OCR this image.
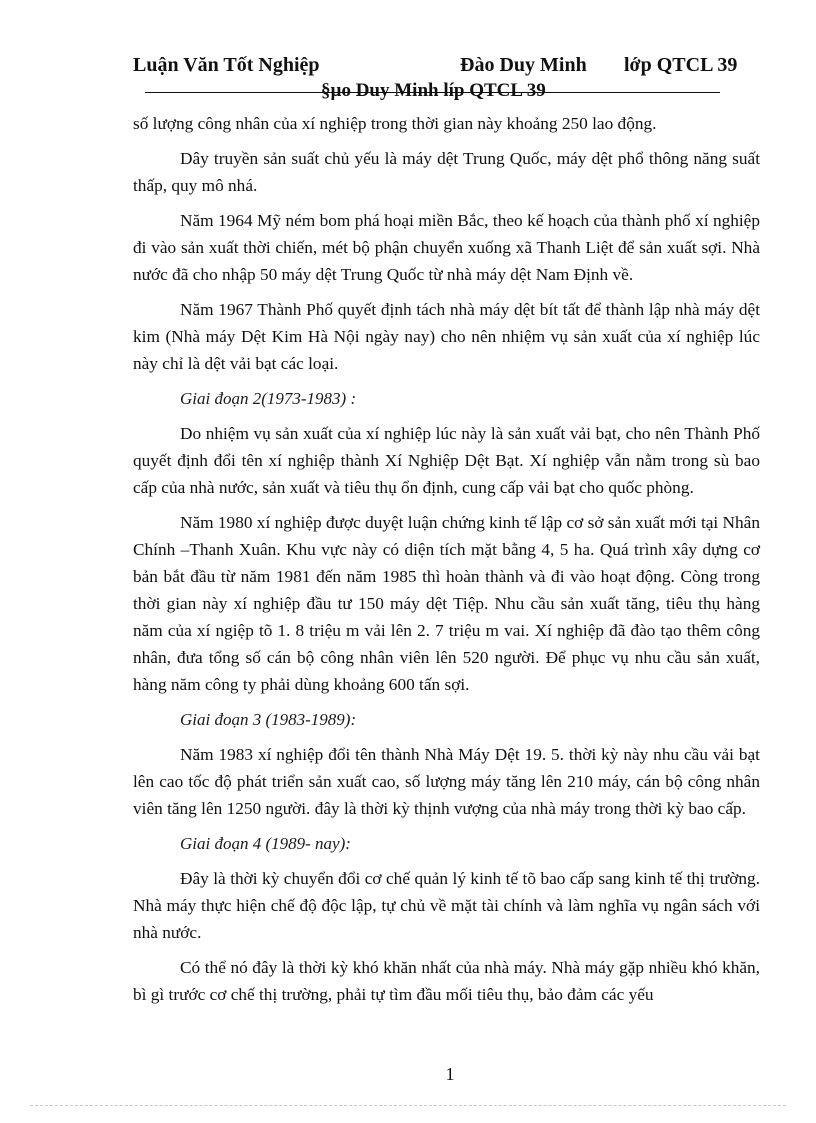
Luận Văn Tốt Nghiệp	Đào Duy Minh lớp QTCL 39
§µo Duy Minh líp QTCL 39

số lượng công nhân của xí nghiệp trong thời gian này khoảng 250 lao động.

Dây truyền sản suất chủ yếu là máy dệt Trung Quốc, máy dệt phổ thông năng suất thấp, quy mô nhá.

Năm 1964 Mỹ ném bom phá hoại miền Bắc, theo kế hoạch của thành phố xí nghiệp đi vào sản xuất thời chiến, mét bộ phận chuyển xuống xã Thanh Liệt để sản xuất sợi. Nhà nước đã cho nhập 50 máy dệt Trung Quốc từ nhà máy dệt Nam Định về.

Năm 1967 Thành Phố quyết định tách nhà máy dệt bít tất để thành lập nhà máy dệt kim (Nhà máy Dệt Kim Hà Nội ngày nay) cho nên nhiệm vụ sản xuất của xí nghiệp lúc này chỉ là dệt vải bạt các loại.

Giai đoạn 2(1973-1983) :

Do nhiệm vụ sản xuất của xí nghiệp lúc này là sản xuất vải bạt, cho nên Thành Phố quyết định đổi tên xí nghiệp thành Xí Nghiệp Dệt Bạt. Xí nghiệp vẫn nằm trong sù bao cấp của nhà nước, sản xuất và tiêu thụ ổn định, cung cấp vải bạt cho quốc phòng.

Năm 1980 xí nghiệp được duyệt luận chứng kinh tế lập cơ sở sản xuất mới tại Nhân Chính –Thanh Xuân. Khu vực này có diện tích mặt bằng 4, 5 ha. Quá trình xây dựng cơ bản bắt đầu từ năm 1981 đến năm 1985 thì hoàn thành và đi vào hoạt động. Còng trong thời gian này xí nghiệp đầu tư 150 máy dệt Tiệp. Nhu cầu sản xuất tăng, tiêu thụ hàng năm của xí ngiệp tõ 1. 8 triệu m vải lên 2. 7 triệu m vai. Xí nghiệp đã đào tạo thêm công nhân, đưa tổng số cán bộ công nhân viên lên 520 người. Để phục vụ nhu cầu sản xuất, hàng năm công ty phải dùng khoảng 600 tấn sợi.

Giai đoạn 3 (1983-1989):

Năm 1983 xí nghiệp đổi tên thành Nhà Máy Dệt 19. 5. thời kỳ này nhu cầu vải bạt lên cao tốc độ phát triển sản xuất cao, số lượng máy tăng lên 210 máy, cán bộ công nhân viên tăng lên 1250 người. đây là thời kỳ thịnh vượng của nhà máy trong thời kỳ bao cấp.

Giai đoạn 4 (1989- nay):

Đây là thời kỳ chuyển đổi cơ chế quản lý kinh tế tõ bao cấp sang kinh tế thị trường. Nhà máy thực hiện chế độ độc lập, tự chủ về mặt tài chính và làm nghĩa vụ ngân sách với nhà nước.

Có thể nó đây là thời kỳ khó khăn nhất của nhà máy. Nhà máy gặp nhiều khó khăn, bì gì trước cơ chế thị trường, phải tự tìm đầu mối tiêu thụ, bảo đảm các yếu

1
